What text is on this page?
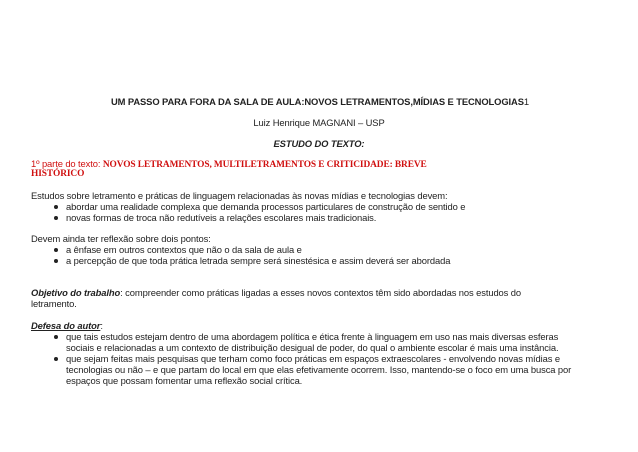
UM PASSO PARA FORA DA SALA DE AULA:NOVOS LETRAMENTOS,MÍDIAS E TECNOLOGIAS1
Luiz Henrique MAGNANI – USP
ESTUDO DO TEXTO:
1º parte do texto: NOVOS LETRAMENTOS, MULTILETRAMENTOS E CRITICIDADE: BREVE
HISTÓRICO
Estudos sobre letramento e práticas de linguagem relacionadas às novas mídias e tecnologias devem:
abordar uma realidade complexa que demanda processos particulares de construção de sentido e
novas formas de troca não redutíveis a relações escolares mais tradicionais.
Devem ainda ter reflexão sobre dois pontos:
a ênfase em outros contextos que não o da sala de aula e
a percepção de que toda prática letrada sempre será sinestésica e assim deverá ser abordada
Objetivo do trabalho: compreender como práticas ligadas a esses novos contextos têm sido abordadas nos estudos do
letramento.
Defesa do autor:
que tais estudos estejam dentro de uma abordagem política e ética frente à linguagem em uso nas mais diversas esferas
sociais e relacionadas a um contexto de distribuição desigual de poder, do qual o ambiente escolar é mais uma instância.
que sejam feitas mais pesquisas que terham como foco práticas em espaços extraescolares - envolvendo novas mídias e
tecnologias ou não – e que partam do local em que elas efetivamente ocorrem. Isso, mantendo-se o foco em uma busca por
espaços que possam fomentar uma reflexão social crítica.
